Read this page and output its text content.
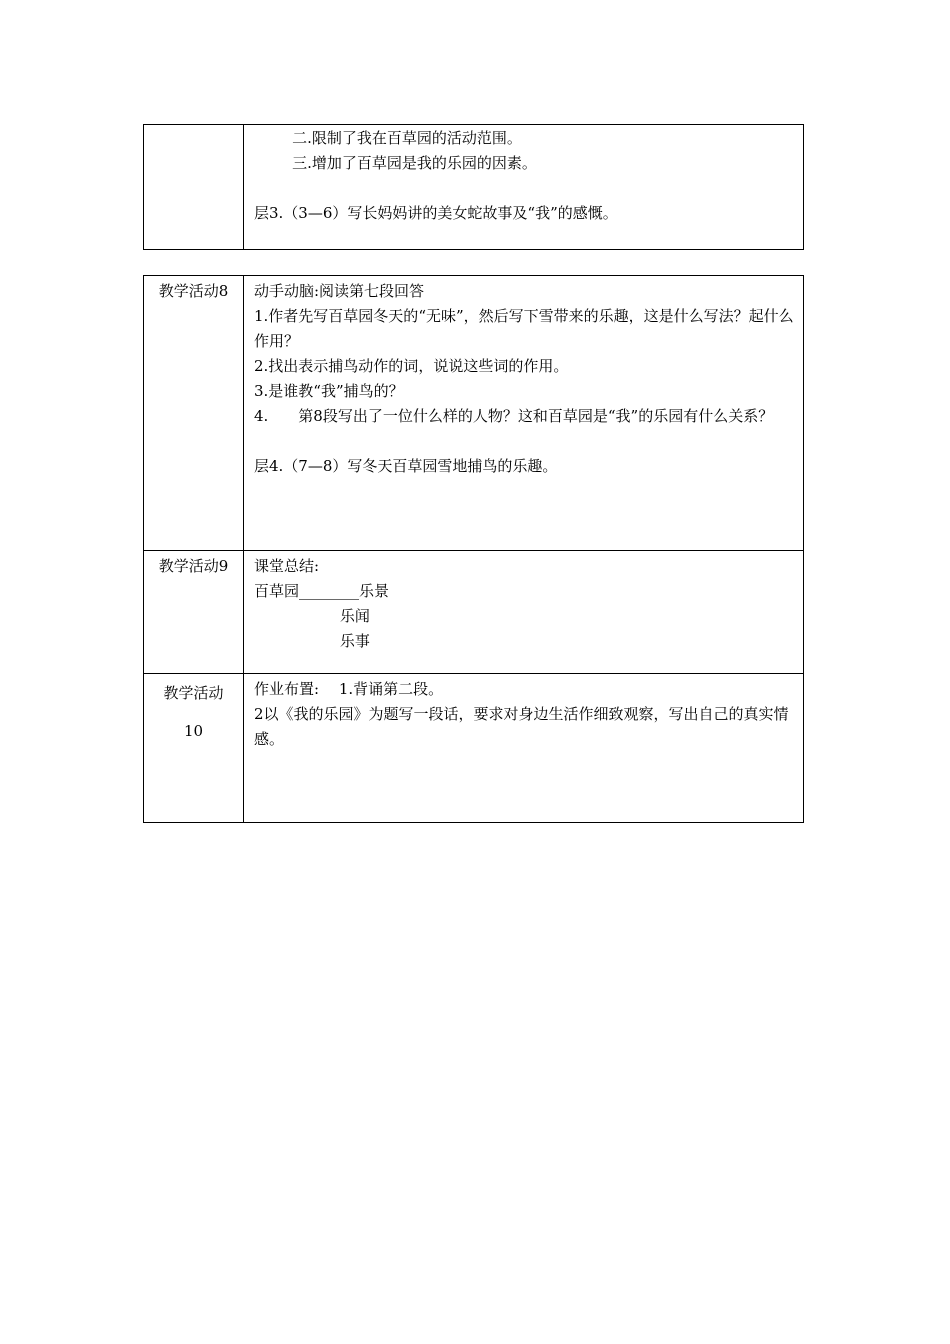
二.限制了我在百草园的活动范围。
三.增加了百草园是我的乐园的因素。
层3.（3—6）写长妈妈讲的美女蛇故事及“我”的感慨。
教学活动8	动手动脑:阅读第七段回答
1.作者先写百草园冬天的“无味”，然后写下雪带来的乐趣，这是什么写法？起什么作用？
2.找出表示捕鸟动作的词，说说这些词的作用。
3.是谁教“我”捕鸟的？
4.　　第8段写出了一位什么样的人物？这和百草园是“我”的乐园有什么关系？
层4.（7—8）写冬天百草园雪地捕鸟的乐趣。
教学活动9	课堂总结:
百草园________乐景
乐闻
乐事
教学活动
10
作业布置:　 1.背诵第二段。
2以《我的乐园》为题写一段话，要求对身边生活作细致观察，写出自己的真实情感。
